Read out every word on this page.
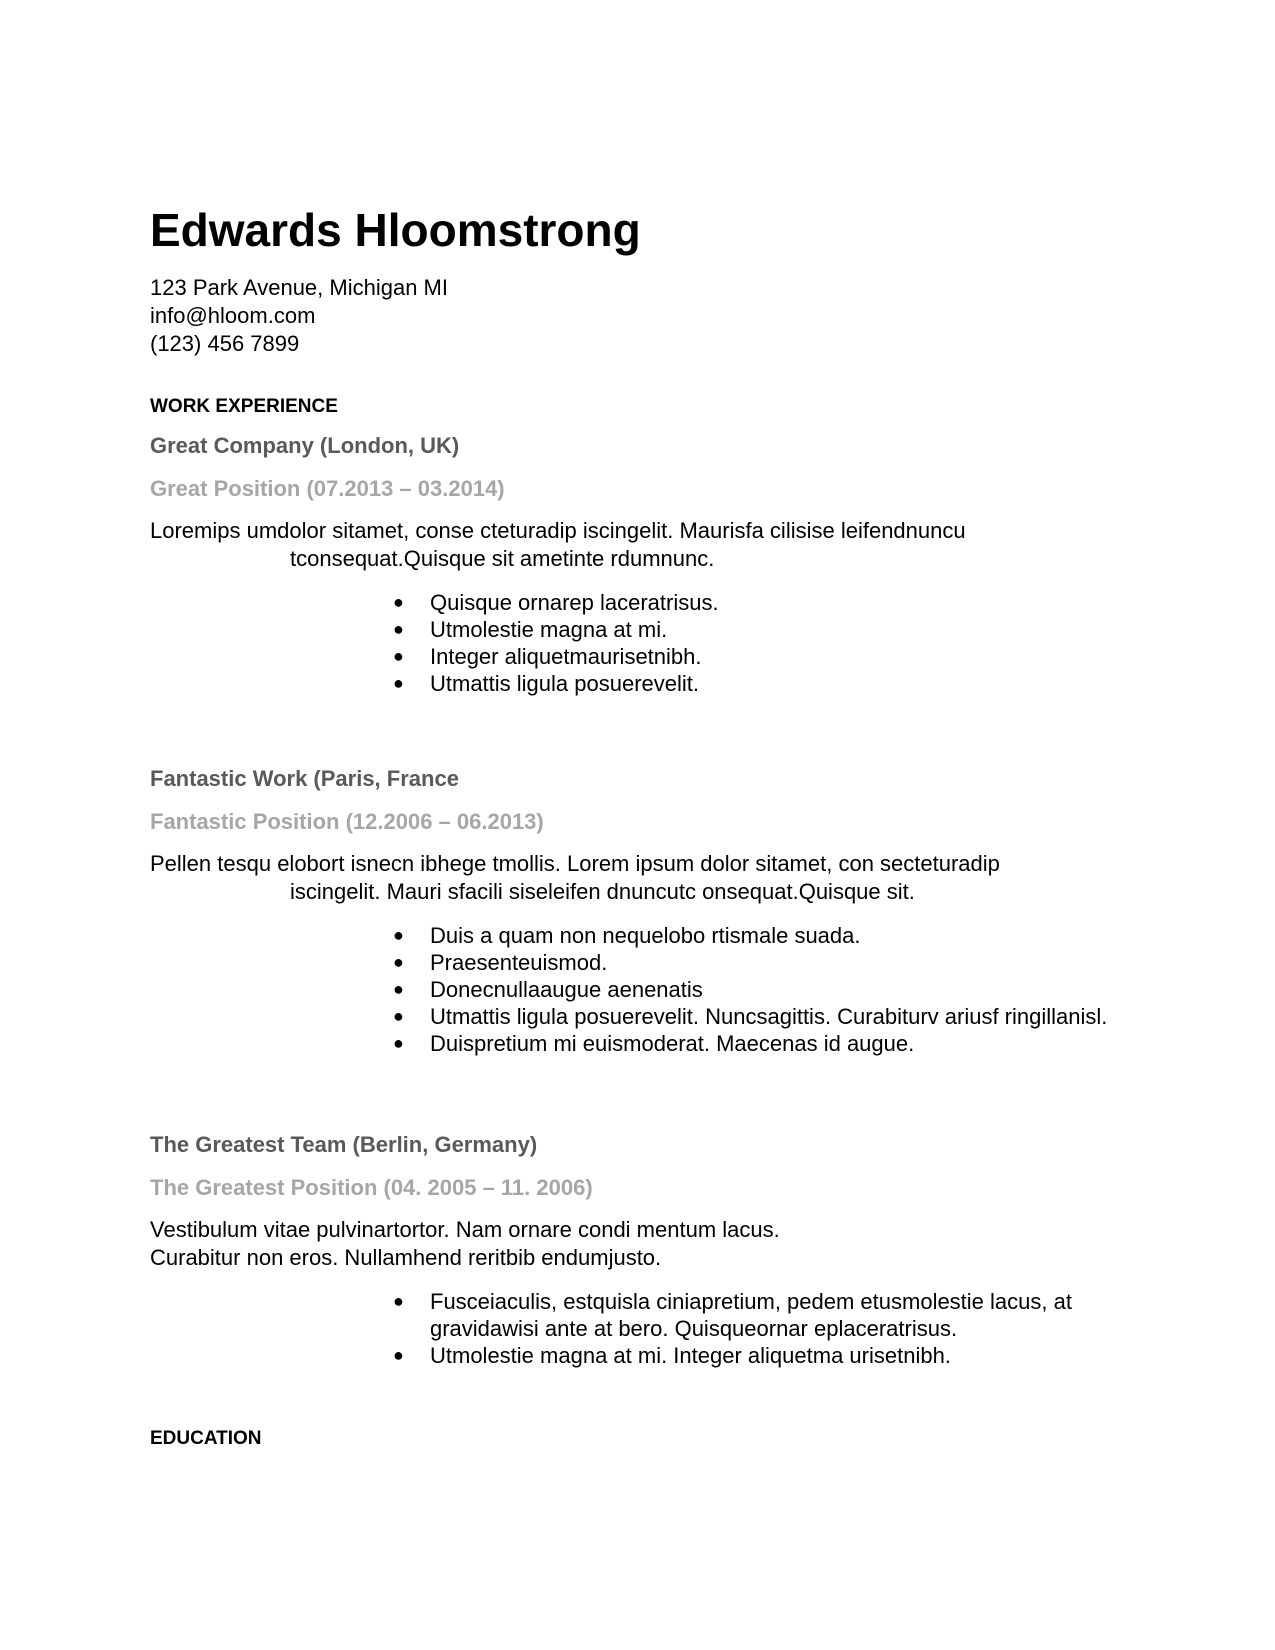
Edwards Hloomstrong
123 Park Avenue, Michigan MI
info@hloom.com
(123) 456 7899
WORK EXPERIENCE
Great Company (London, UK)
Great Position (07.2013 – 03.2014)

Loremips umdolor sitamet, conse cteturadip iscingelit. Maurisfa cilisise leifendnuncu
tconsequat.Quisque sit ametinte rdumnunc.

● Quisque ornarep laceratrisus.
● Utmolestie magna at mi.
● Integer aliquetmaurisetnibh.
● Utmattis ligula posuerevelit.
Fantastic Work (Paris, France
Fantastic Position (12.2006 – 06.2013)

Pellen tesqu elobort isnecn ibhege tmollis. Lorem ipsum dolor sitamet, con secteturadip
iscingelit. Mauri sfacili siseleifen dnuncutc onsequat.Quisque sit.

● Duis a quam non nequelobo rtismale suada.
● Praesenteuismod.
● Donecnullaaugue aenenatis
● Utmattis ligula posuerevelit. Nuncsagittis. Curabiturv ariusf ringillanisl.
● Duispretium mi euismoderat. Maecenas id augue.
The Greatest Team (Berlin, Germany)
The Greatest Position (04. 2005 – 11. 2006)

Vestibulum vitae pulvinartortor. Nam ornare condi mentum lacus.
Curabitur non eros. Nullamhend reritbib endumjusto.

● Fusceiaculis, estquisla ciniapretium, pedem etusmolestie lacus, at gravidawisi ante at bero. Quisqueornar eplaceratrisus.
● Utmolestie magna at mi. Integer aliquetma urisetnibh.
EDUCATION
